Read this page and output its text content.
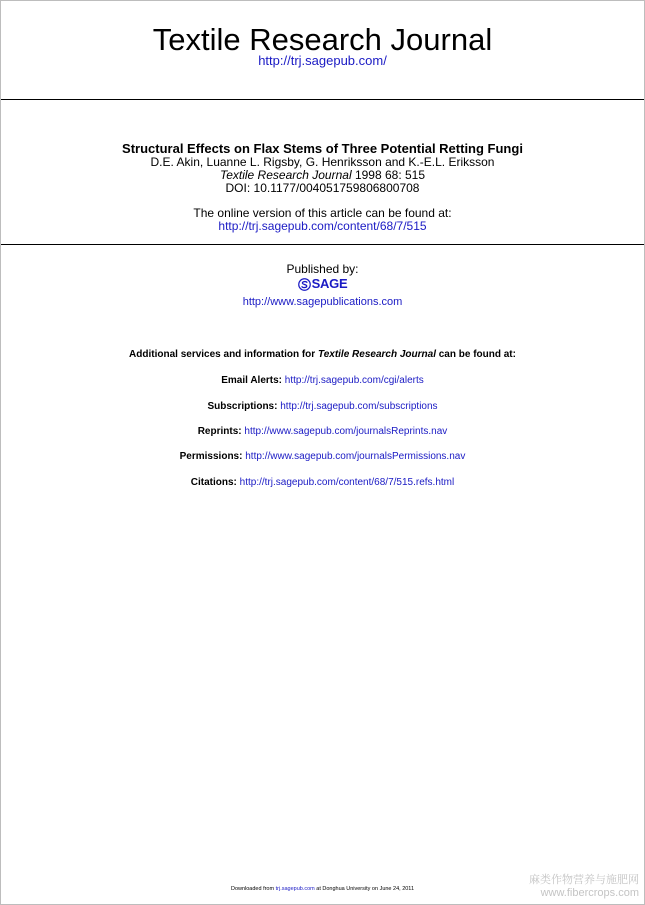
Textile Research Journal
http://trj.sagepub.com/
Structural Effects on Flax Stems of Three Potential Retting Fungi
D.E. Akin, Luanne L. Rigsby, G. Henriksson and K.-E.L. Eriksson
Textile Research Journal 1998 68: 515
DOI: 10.1177/004051759806800708
The online version of this article can be found at:
http://trj.sagepub.com/content/68/7/515
Published by:
SAGE
http://www.sagepublications.com
Additional services and information for Textile Research Journal can be found at:
Email Alerts: http://trj.sagepub.com/cgi/alerts
Subscriptions: http://trj.sagepub.com/subscriptions
Reprints: http://www.sagepub.com/journalsReprints.nav
Permissions: http://www.sagepub.com/journalsPermissions.nav
Citations: http://trj.sagepub.com/content/68/7/515.refs.html
Downloaded from trj.sagepub.com at Donghua University on June 24, 2011
麻类作物营养与施肥网
www.fibercrops.com
